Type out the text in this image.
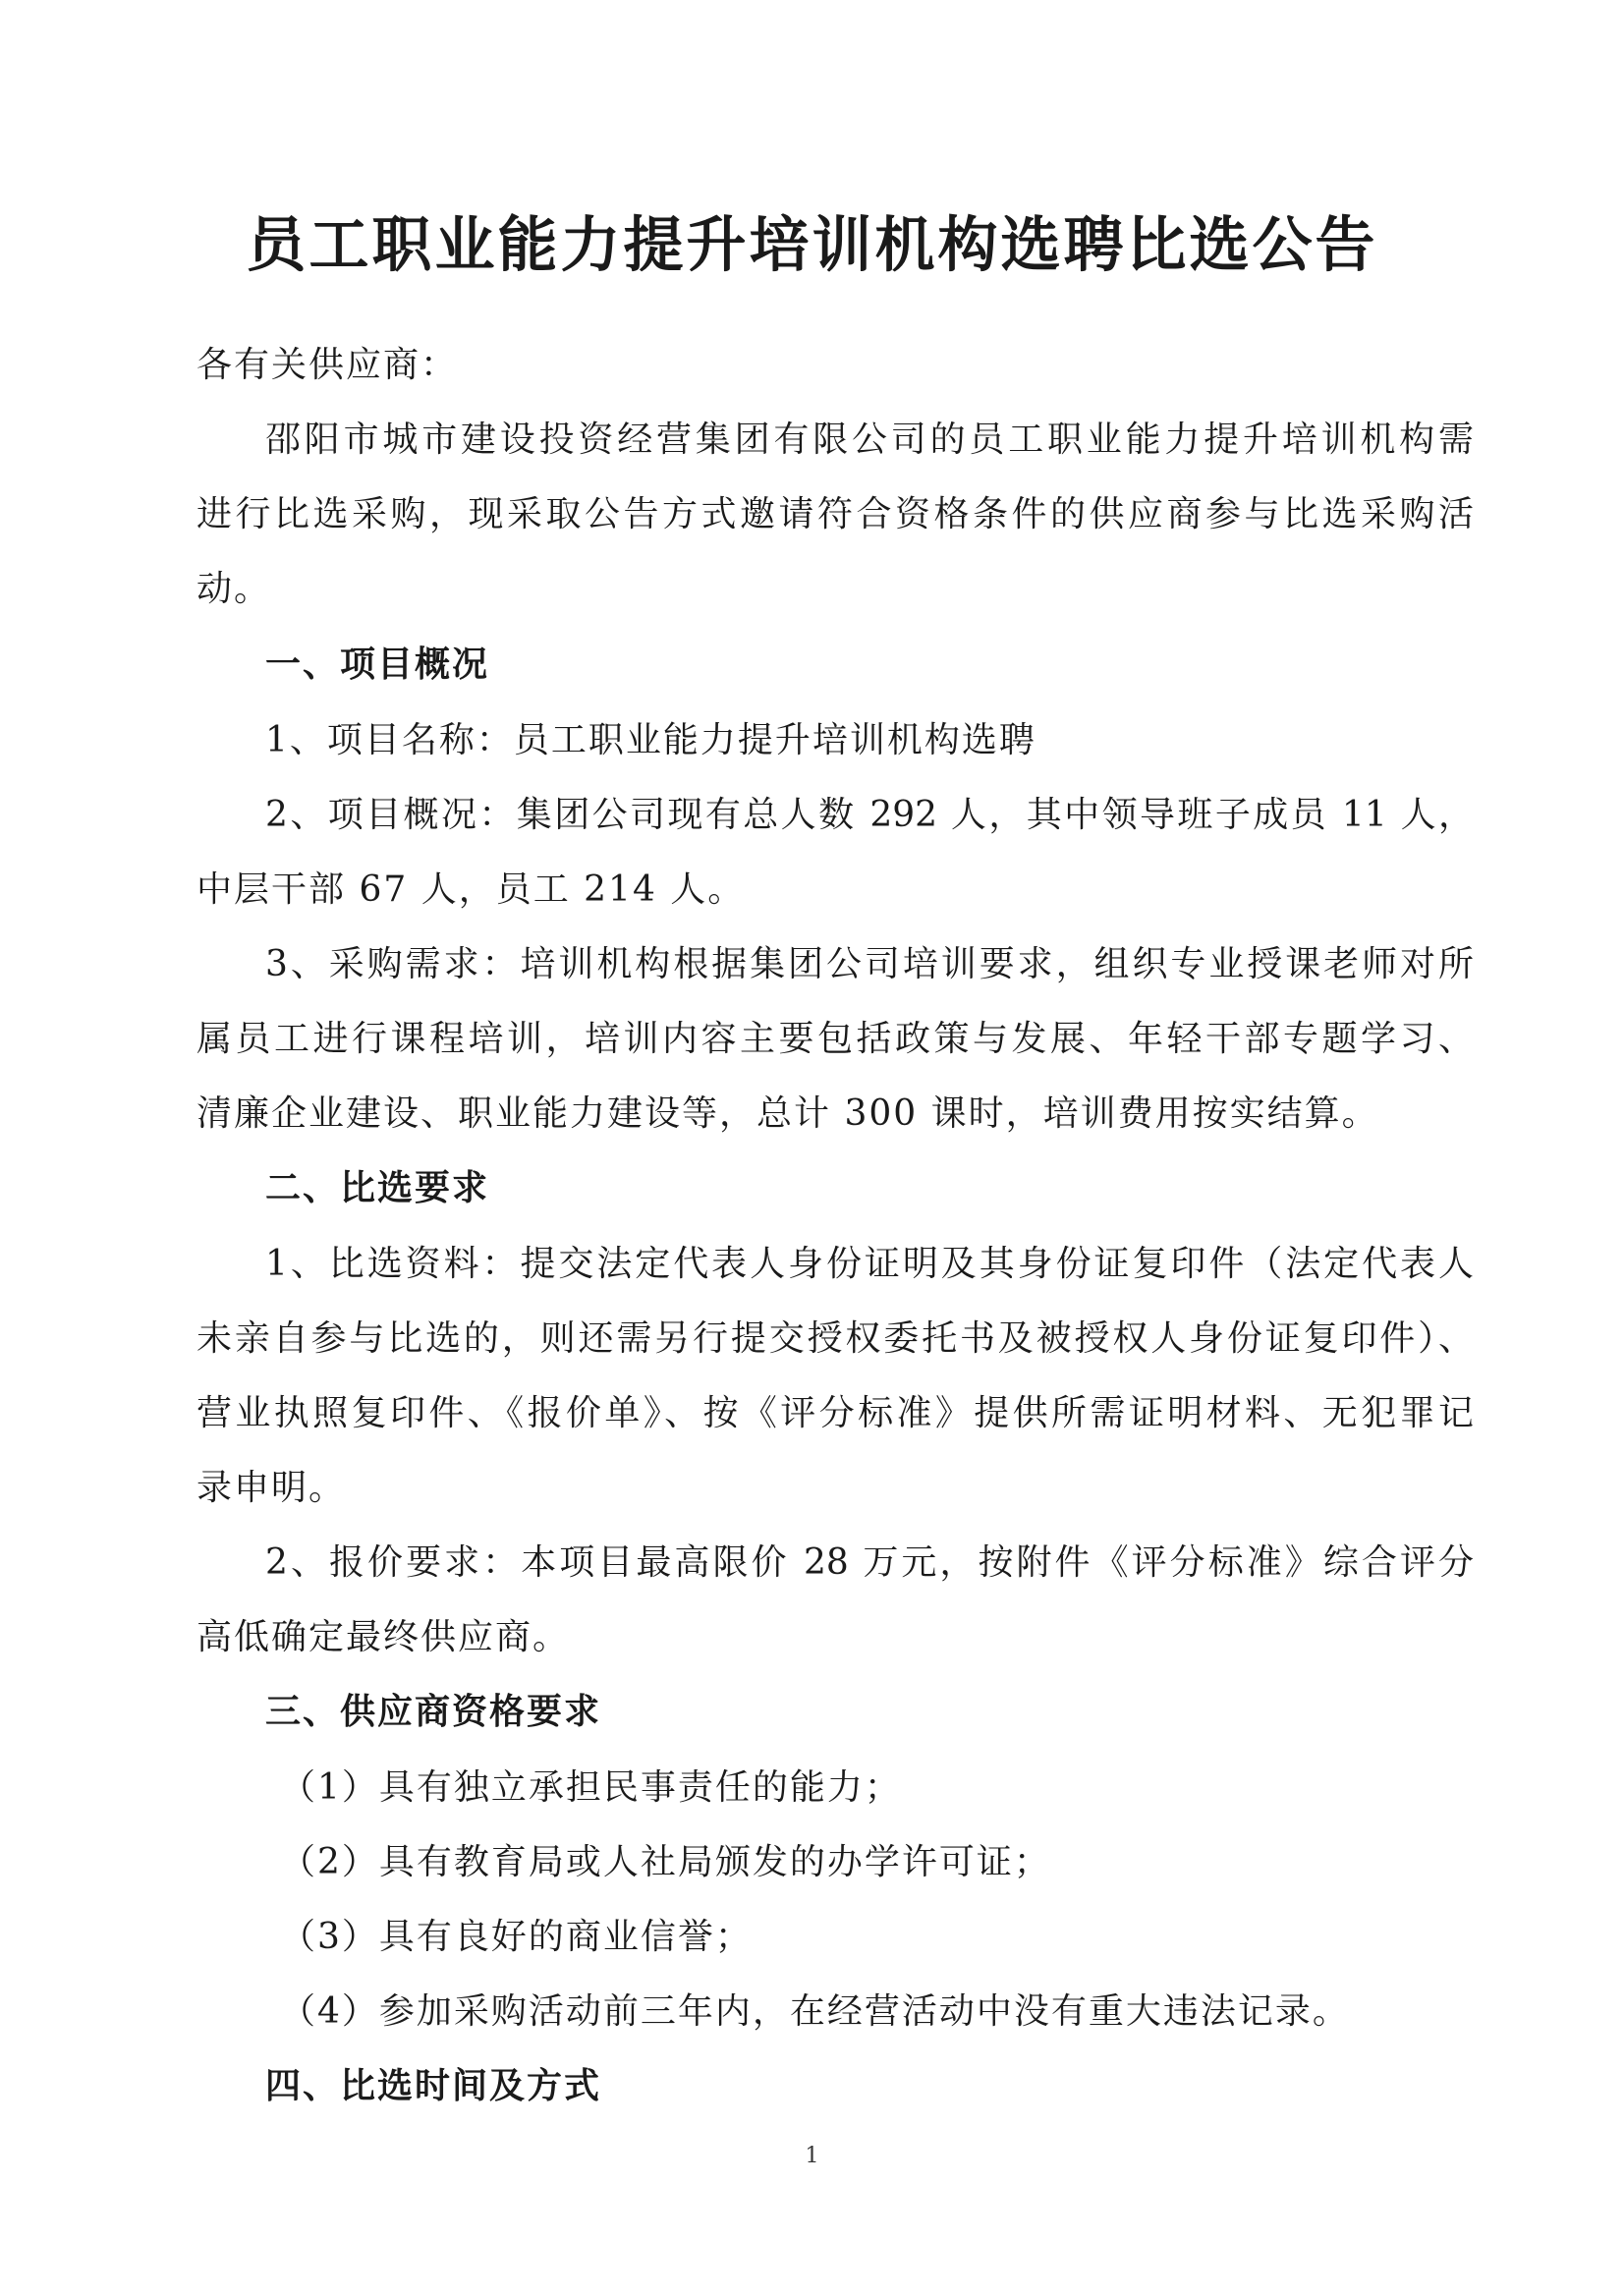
员工职业能力提升培训机构选聘比选公告
各有关供应商：
邵阳市城市建设投资经营集团有限公司的员工职业能力提升培训机构需
进行比选采购，现采取公告方式邀请符合资格条件的供应商参与比选采购活
动。
一、项目概况
1、项目名称：员工职业能力提升培训机构选聘
2、项目概况：集团公司现有总人数 292 人，其中领导班子成员 11 人，
中层干部 67 人，员工 214 人。
3、采购需求：培训机构根据集团公司培训要求，组织专业授课老师对所
属员工进行课程培训，培训内容主要包括政策与发展、年轻干部专题学习、
清廉企业建设、职业能力建设等，总计 300 课时，培训费用按实结算。
二、比选要求
1、比选资料：提交法定代表人身份证明及其身份证复印件（法定代表人
未亲自参与比选的，则还需另行提交授权委托书及被授权人身份证复印件）、
营业执照复印件、《报价单》、按《评分标准》提供所需证明材料、无犯罪记
录申明。
2、报价要求：本项目最高限价 28 万元，按附件《评分标准》综合评分
高低确定最终供应商。
三、供应商资格要求
（1）具有独立承担民事责任的能力；
（2）具有教育局或人社局颁发的办学许可证；
（3）具有良好的商业信誉；
（4）参加采购活动前三年内，在经营活动中没有重大违法记录。
四、比选时间及方式
1
